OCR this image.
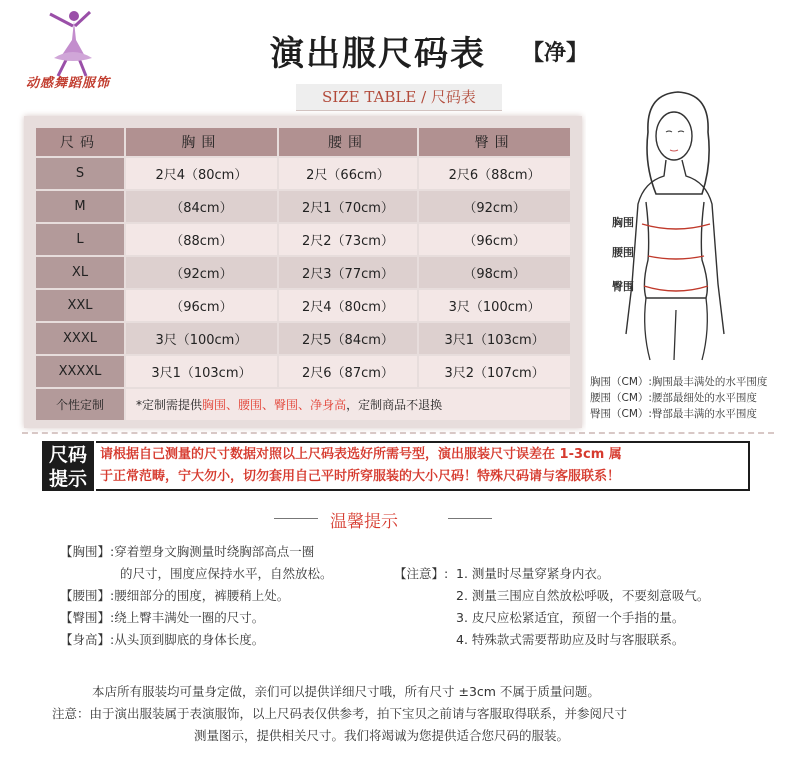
动感舞蹈服饰
演出服尺码表 【净】
SIZE TABLE / 尺码表
尺码	胸围	腰围	臀围
S	2尺4（80cm）	2尺（66cm）	2尺6（88cm）
M	（84cm）	2尺1（70cm）	（92cm）
L	（88cm）	2尺2（73cm）	（96cm）
XL	（92cm）	2尺3（77cm）	（98cm）
XXL	（96cm）	2尺4（80cm）	3尺（100cm）
XXXL	3尺（100cm）	2尺5（84cm）	3尺1（103cm）
XXXXL	3尺1（103cm）	2尺6（87cm）	3尺2（107cm）
个性定制	*定制需提供胸围、腰围、臀围、净身高，定制商品不退换		
胸围
腰围
臀围
胸围（CM）:胸围最丰满处的水平围度
腰围（CM）:腰部最细处的水平围度
臀围（CM）:臀部最丰满的水平围度
尺码
提示
请根据自己测量的尺寸数据对照以上尺码表选好所需号型，演出服装尺寸误差在 1-3cm 属
于正常范畴，宁大勿小，切勿套用自己平时所穿服装的大小尺码！特殊尺码请与客服联系！
温馨提示
【胸围】:穿着塑身文胸测量时绕胸部高点一圈
的尺寸，围度应保持水平，自然放松。
【腰围】:腰细部分的围度，裤腰稍上处。
【臀围】:绕上臀丰满处一圈的尺寸。
【身高】:从头顶到脚底的身体长度。
【注意】: 1. 测量时尽量穿紧身内衣。
2. 测量三围应自然放松呼吸，不要刻意吸气。
3. 皮尺应松紧适宜，预留一个手指的量。
4. 特殊款式需要帮助应及时与客服联系。
本店所有服装均可量身定做，亲们可以提供详细尺寸哦，所有尺寸 ±3cm 不属于质量问题。
注意：由于演出服装属于表演服饰，以上尺码表仅供参考，拍下宝贝之前请与客服取得联系，并参阅尺寸
测量图示，提供相关尺寸。我们将竭诚为您提供适合您尺码的服装。
